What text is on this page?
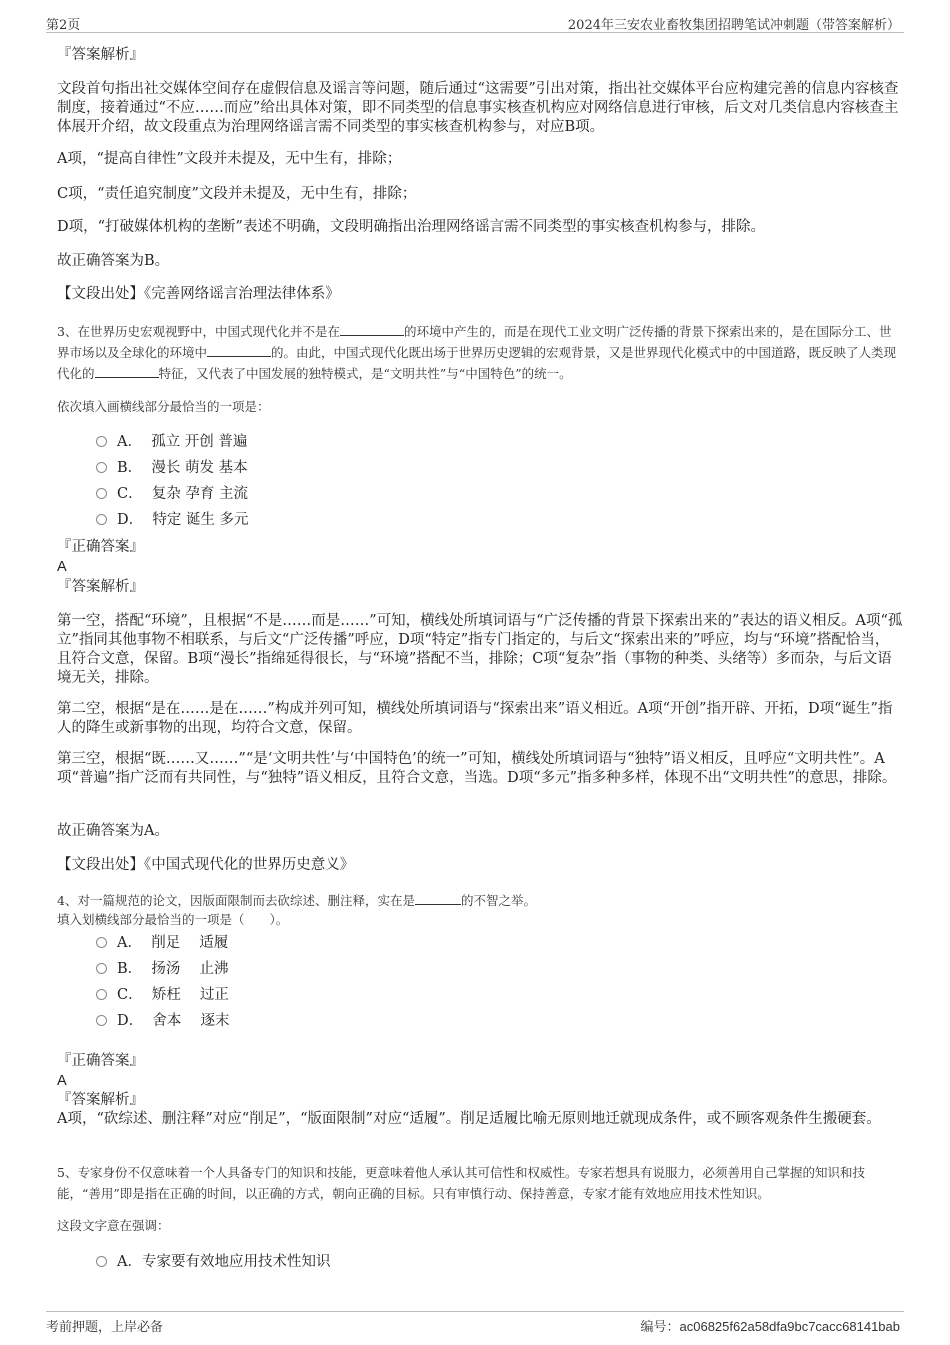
第2页	2024年三安农业畜牧集团招聘笔试冲刺题（带答案解析）
『答案解析』
文段首句指出社交媒体空间存在虚假信息及谣言等问题，随后通过“这需要”引出对策，指出社交媒体平台应构建完善的信息内容核查制度，接着通过“不应……而应”给出具体对策，即不同类型的信息事实核查机构应对网络信息进行审核，后文对几类信息内容核查主体展开介绍，故文段重点为治理网络谣言需不同类型的事实核查机构参与，对应B项。
A项，“提高自律性”文段并未提及，无中生有，排除；
C项，“责任追究制度”文段并未提及，无中生有，排除；
D项，“打破媒体机构的垄断”表述不明确，文段明确指出治理网络谣言需不同类型的事实核查机构参与，排除。
故正确答案为B。
【文段出处】《完善网络谣言治理法律体系》
3、在世界历史宏观视野中，中国式现代化并不是在	的环境中产生的，而是在现代工业文明广泛传播的背景下探索出来的，是在国际分工、世界市场以及全球化的环境中	的。由此，中国式现代化既出场于世界历史逻辑的宏观背景，又是世界现代化模式中的中国道路，既反映了人类现代化的	特征，又代表了中国发展的独特模式，是“文明共性”与“中国特色”的统一。
依次填入画横线部分最恰当的一项是：
A．  孤立 开创 普遍
B．  漫长 萌发 基本
C．  复杂 孕育 主流
D．  特定 诞生 多元
『正确答案』
A
『答案解析』
第一空，搭配“环境”，且根据“不是……而是……”可知，横线处所填词语与“广泛传播的背景下探索出来的”表达的语义相反。A项“孤立”指同其他事物不相联系，与后文“广泛传播”呼应，D项“特定”指专门指定的，与后文“探索出来的”呼应，均与“环境”搭配恰当，且符合文意，保留。B项“漫长”指绵延得很长，与“环境”搭配不当，排除；C项“复杂”指（事物的种类、头绪等）多而杂，与后文语境无关，排除。
第二空，根据“是在……是在……”构成并列可知，横线处所填词语与“探索出来”语义相近。A项“开创”指开辟、开拓，D项“诞生”指人的降生或新事物的出现，均符合文意，保留。
第三空，根据“既……又……”“是‘文明共性’与‘中国特色’的统一”可知，横线处所填词语与“独特”语义相反，且呼应“文明共性”。A项“普遍”指广泛而有共同性，与“独特”语义相反，且符合文意，当选。D项“多元”指多种多样，体现不出“文明共性”的意思，排除。
故正确答案为A。
【文段出处】《中国式现代化的世界历史意义》
4、对一篇规范的论文，因版面限制而去砍综述、删注释，实在是	的不智之举。
填入划横线部分最恰当的一项是（　　）。
A．  削足　 适履
B．  扬汤　 止沸
C．  矫枉　 过正
D．  舍本　 逐末
『正确答案』
A
『答案解析』
A项，“砍综述、删注释”对应“削足”，“版面限制”对应“适履”。削足适履比喻无原则地迁就现成条件，或不顾客观条件生搬硬套。
5、专家身份不仅意味着一个人具备专门的知识和技能，更意味着他人承认其可信性和权威性。专家若想具有说服力，必须善用自己掌握的知识和技能，“善用”即是指在正确的时间，以正确的方式，朝向正确的目标。只有审慎行动、保持善意，专家才能有效地应用技术性知识。
这段文字意在强调：
A．专家要有效地应用技术性知识
考前押题，上岸必备	编号：ac06825f62a58dfa9bc7cacc68141bab
